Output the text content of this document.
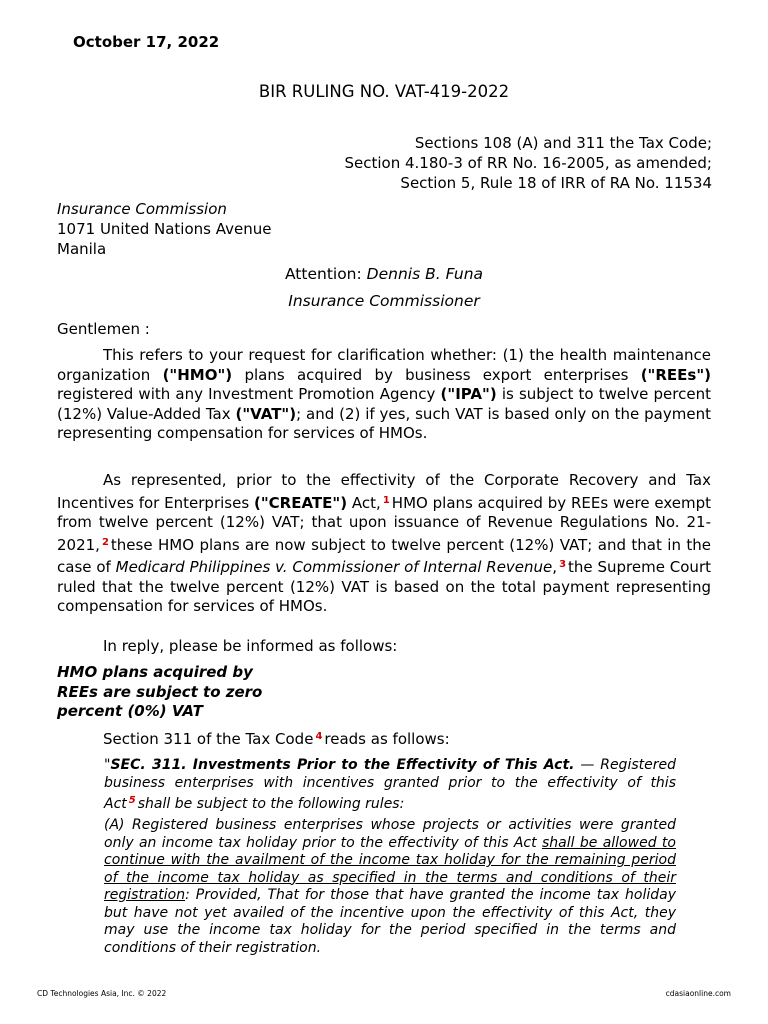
October 17, 2022
BIR RULING NO. VAT-419-2022
Sections 108 (A) and 311 the Tax Code;
Section 4.180-3 of RR No. 16-2005, as amended;
Section 5, Rule 18 of IRR of RA No. 11534
Insurance Commission
1071 United Nations Avenue
Manila
Attention: Dennis B. Funa
Insurance Commissioner
Gentlemen :
This refers to your request for clarification whether: (1) the health maintenance organization ("HMO") plans acquired by business export enterprises ("REEs") registered with any Investment Promotion Agency ("IPA") is subject to twelve percent (12%) Value-Added Tax ("VAT"); and (2) if yes, such VAT is based only on the payment representing compensation for services of HMOs.
As represented, prior to the effectivity of the Corporate Recovery and Tax Incentives for Enterprises ("CREATE") Act, $^1$ HMO plans acquired by REEs were exempt from twelve percent (12%) VAT; that upon issuance of Revenue Regulations No. 21-2021, $^2$ these HMO plans are now subject to twelve percent (12%) VAT; and that in the case of Medicard Philippines v. Commissioner of Internal Revenue, $^3$ the Supreme Court ruled that the twelve percent (12%) VAT is based on the total payment representing compensation for services of HMOs.
In reply, please be informed as follows:
HMO plans acquired by
REEs are subject to zero
percent (0%) VAT
Section 311 of the Tax Code $^4$ reads as follows:
"SEC. 311. Investments Prior to the Effectivity of This Act. — Registered business enterprises with incentives granted prior to the effectivity of this Act $^5$ shall be subject to the following rules:
(A) Registered business enterprises whose projects or activities were granted only an income tax holiday prior to the effectivity of this Act shall be allowed to continue with the availment of the income tax holiday for the remaining period of the income tax holiday as specified in the terms and conditions of their registration: Provided, That for those that have granted the income tax holiday but have not yet availed of the incentive upon the effectivity of this Act, they may use the income tax holiday for the period specified in the terms and conditions of their registration.
CD Technologies Asia, Inc. © 2022	cdasiaonline.com
